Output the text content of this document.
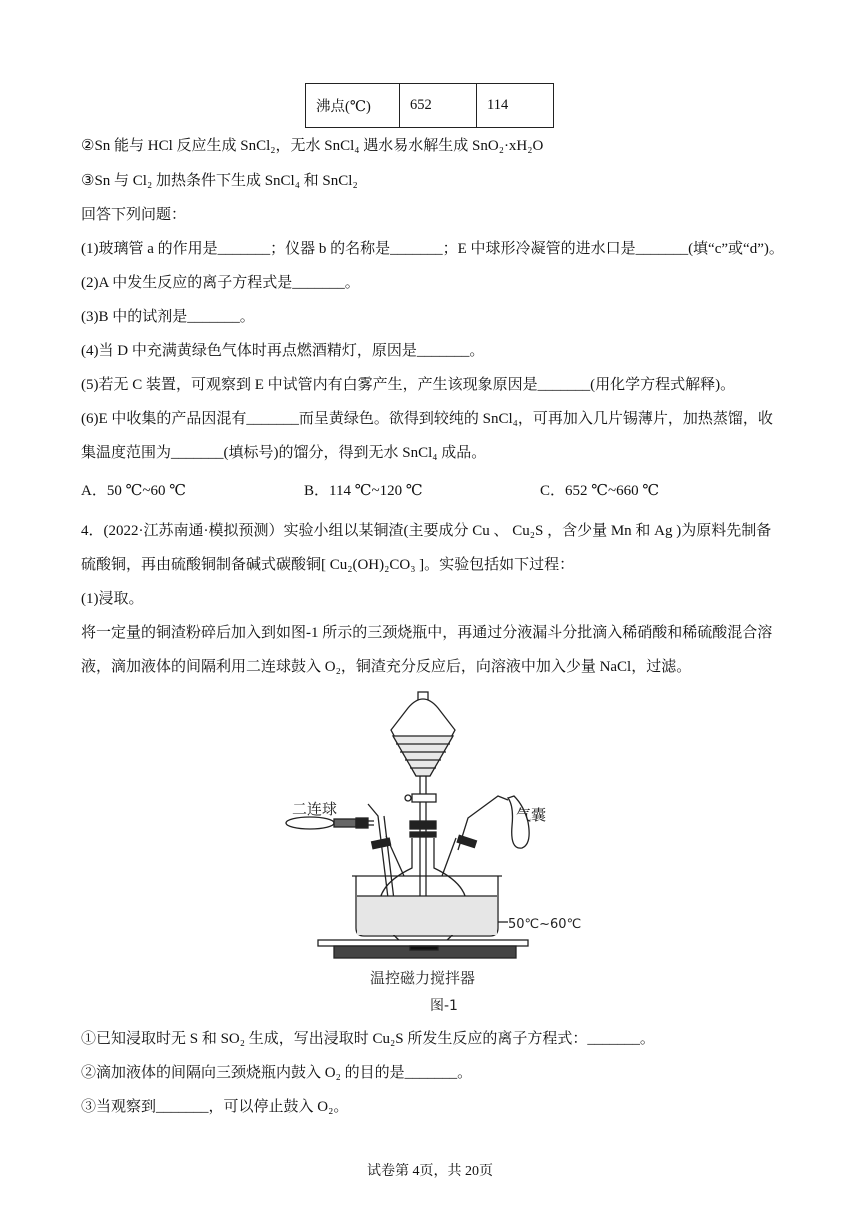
沸点(℃)	652	114
②Sn 能与 HCl 反应生成 SnCl₂，无水 SnCl₄ 遇水易水解生成 SnO₂·xH₂O
③Sn 与 Cl₂ 加热条件下生成 SnCl₄ 和 SnCl₂
回答下列问题：
(1)玻璃管 a 的作用是_______；仪器 b 的名称是_______；E 中球形冷凝管的进水口是_______(填“c”或“d”)。
(2)A 中发生反应的离子方程式是_______。
(3)B 中的试剂是_______。
(4)当 D 中充满黄绿色气体时再点燃酒精灯，原因是_______。
(5)若无 C 装置，可观察到 E 中试管内有白雾产生，产生该现象原因是_______(用化学方程式解释)。
(6)E 中收集的产品因混有_______而呈黄绿色。欲得到较纯的 SnCl₄，可再加入几片锡薄片，加热蒸馏，收
集温度范围为_______(填标号)的馏分，得到无水 SnCl₄ 成品。
A．50 ℃~60 ℃	B．114 ℃~120 ℃	C．652 ℃~660 ℃
4．(2022·江苏南通·模拟预测）实验小组以某铜渣(主要成分 Cu 、 Cu₂S ，含少量 Mn 和 Ag )为原料先制备
硫酸铜，再由硫酸铜制备碱式碳酸铜[ Cu₂(OH)₂CO₃ ]。实验包括如下过程：
(1)浸取。
将一定量的铜渣粉碎后加入到如图-1 所示的三颈烧瓶中，再通过分液漏斗分批滴入稀硝酸和稀硫酸混合溶
液，滴加液体的间隔利用二连球鼓入 O₂，铜渣充分反应后，向溶液中加入少量 NaCl，过滤。
二连球	气囊
50℃~60℃
温控磁力搅拌器
图-1
①已知浸取时无 S 和 SO₂ 生成，写出浸取时 Cu₂S 所发生反应的离子方程式：_______。
②滴加液体的间隔向三颈烧瓶内鼓入 O₂ 的目的是_______。
③当观察到_______，可以停止鼓入 O₂。
试卷第 4页，共 20页
